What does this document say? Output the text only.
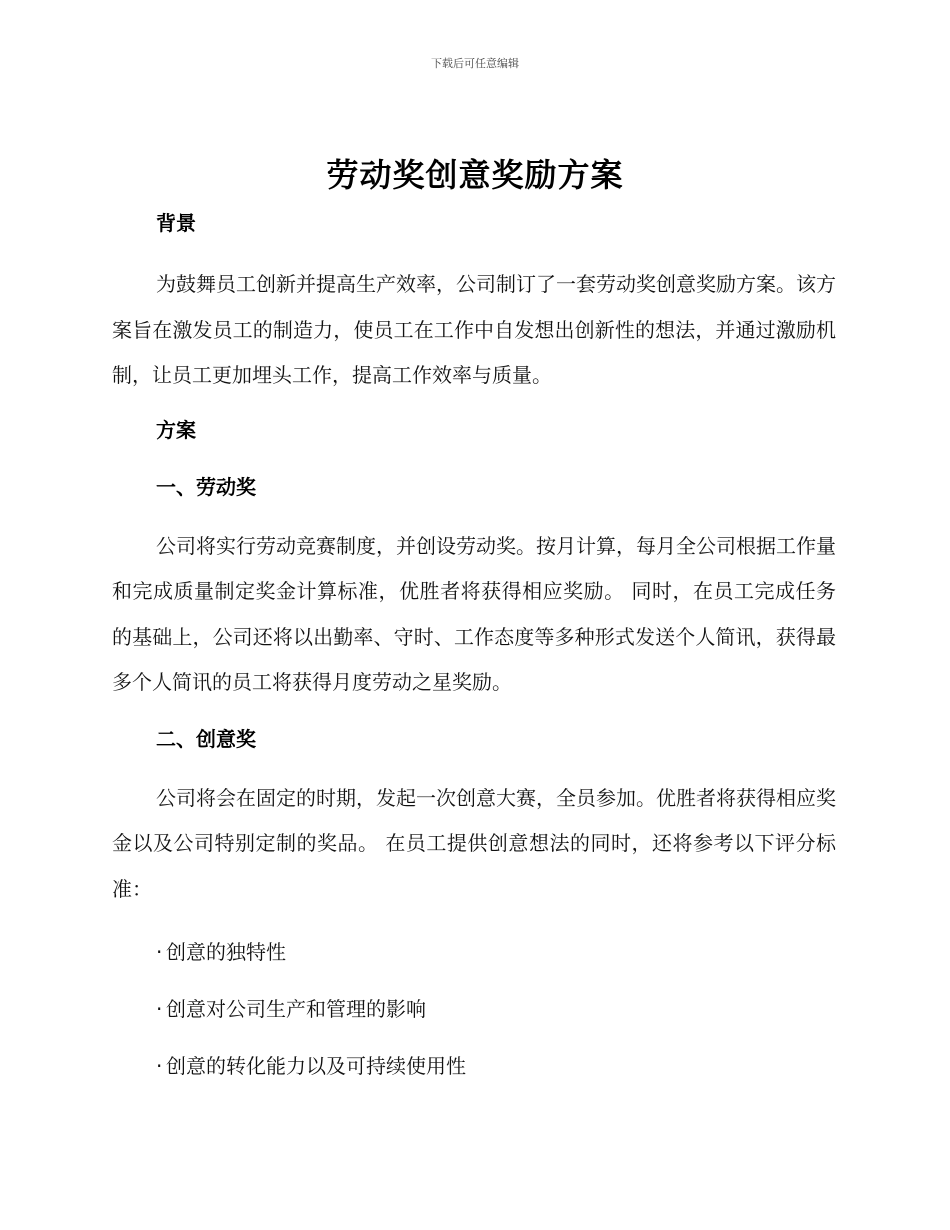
下载后可任意编辑
劳动奖创意奖励方案
背景

为鼓舞员工创新并提高生产效率，公司制订了一套劳动奖创意奖励方案。该方案旨在激发员工的制造力，使员工在工作中自发想出创新性的想法，并通过激励机制，让员工更加埋头工作，提高工作效率与质量。

方案
一、劳动奖

公司将实行劳动竞赛制度，并创设劳动奖。按月计算，每月全公司根据工作量和完成质量制定奖金计算标准，优胜者将获得相应奖励。 同时，在员工完成任务的基础上，公司还将以出勤率、守时、工作态度等多种形式发送个人简讯，获得最多个人简讯的员工将获得月度劳动之星奖励。

二、创意奖

公司将会在固定的时期，发起一次创意大赛，全员参加。优胜者将获得相应奖金以及公司特别定制的奖品。 在员工提供创意想法的同时，还将参考以下评分标准：

· 创意的独特性
· 创意对公司生产和管理的影响
· 创意的转化能力以及可持续使用性
